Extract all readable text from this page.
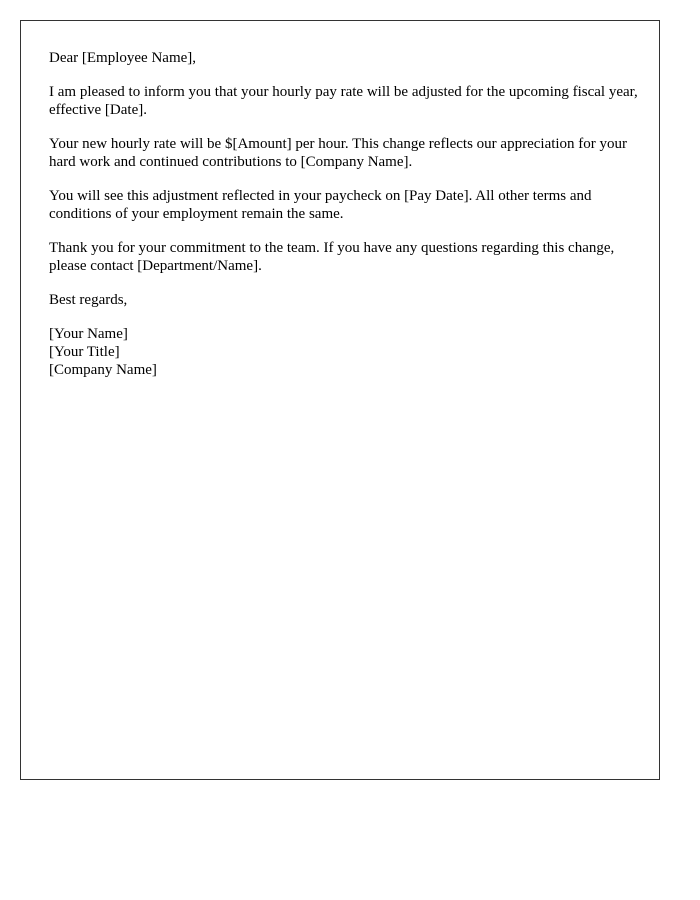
Dear [Employee Name],

I am pleased to inform you that your hourly pay rate will be adjusted for the upcoming fiscal year, effective [Date].

Your new hourly rate will be $[Amount] per hour. This change reflects our appreciation for your hard work and continued contributions to [Company Name].

You will see this adjustment reflected in your paycheck on [Pay Date]. All other terms and conditions of your employment remain the same.

Thank you for your commitment to the team. If you have any questions regarding this change, please contact [Department/Name].

Best regards,

[Your Name]
[Your Title]
[Company Name]
